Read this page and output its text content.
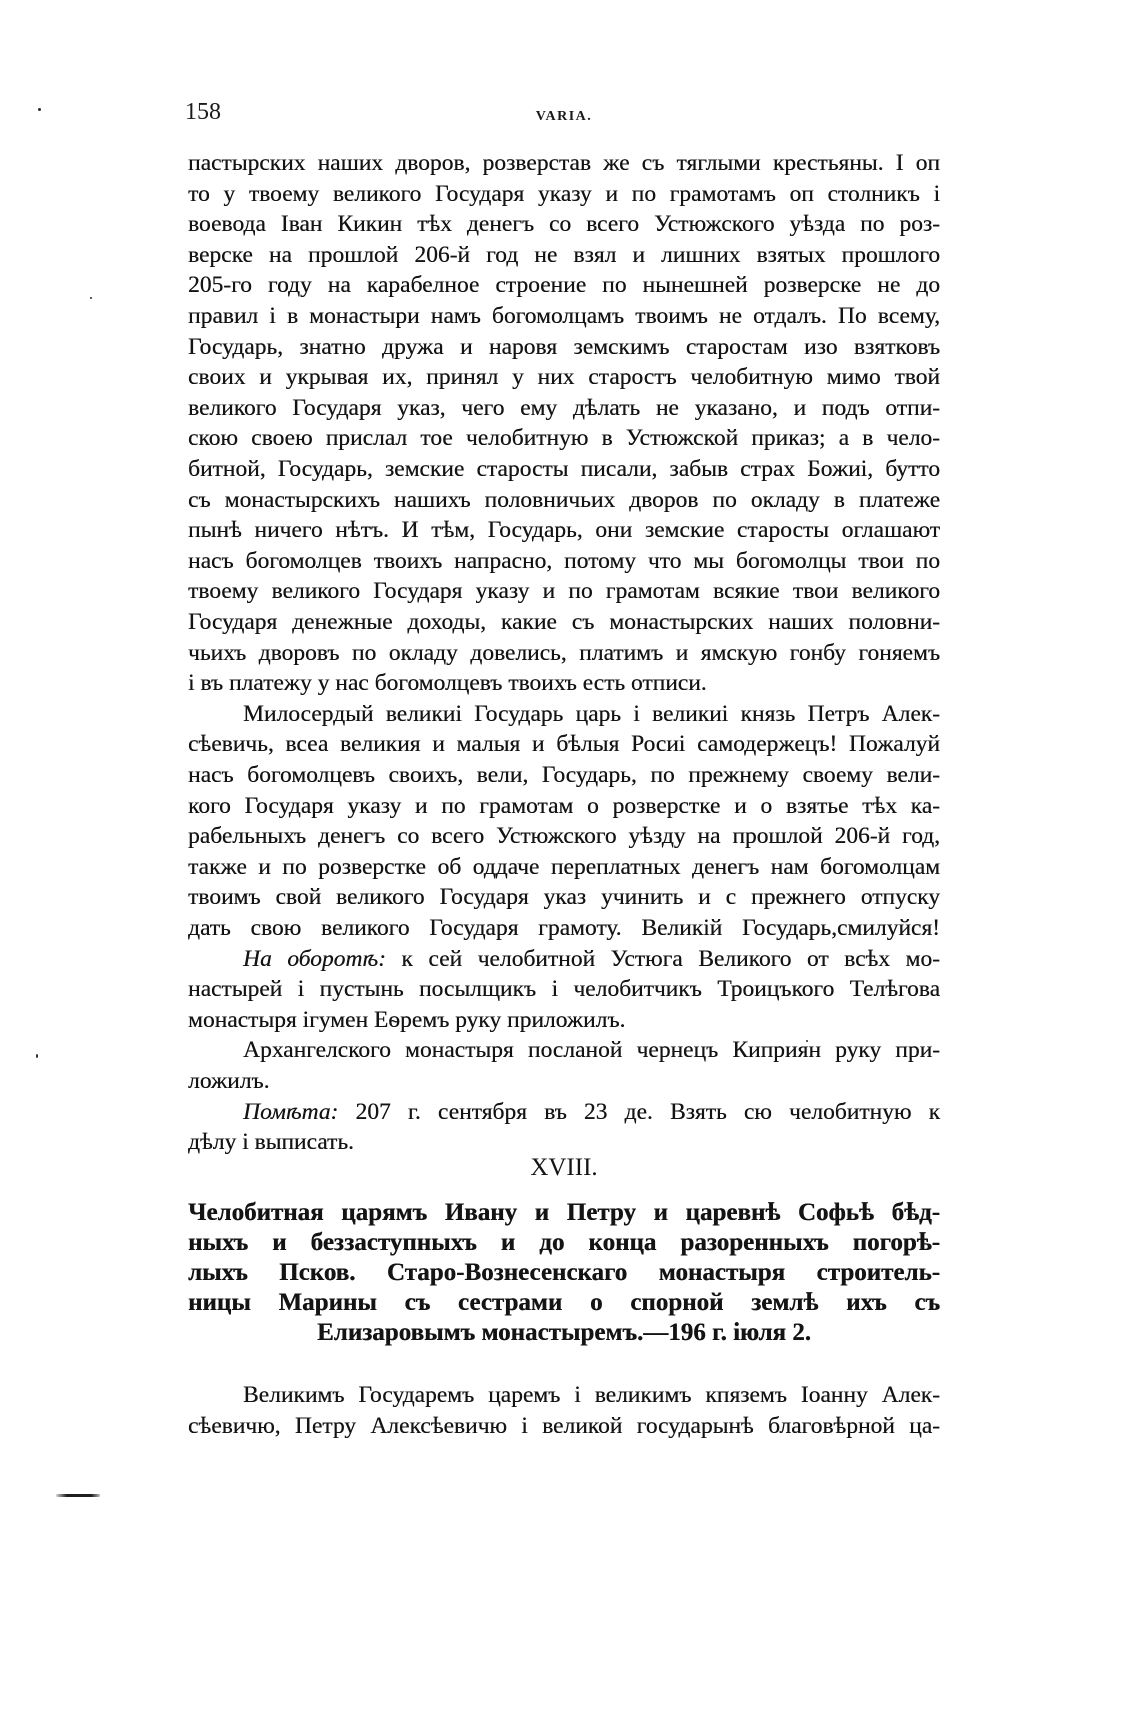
158	VARIA.
пастырских наших дворов, розверстав же съ тяглыми крестьяны. І оп
то у твоему великого Государя указу и по грамотамъ оп столникъ і
воевода Іван Кикин тѣх денегъ со всего Устюжского уѣзда по роз-
верске на прошлой 206-й год не взял и лишних взятых прошлого
205-го году на карабелное строение по нынешней розверске не до
правил і в монастыри намъ богомолцамъ твоимъ не отдалъ. По всему,
Государь, знатно дружа и наровя земскимъ старостам изо взятковъ
своих и укрывая их, принял у них старостъ челобитную мимо твой
великого Государя указ, чего ему дѣлать не указано, и подъ отпи-
скою своею прислал тое челобитную в Устюжской приказ; а в чело-
битной, Государь, земские старосты писали, забыв страх Божиі, бутто
съ монастырскихъ нашихъ половничьих дворов по окладу в платеже
пынѣ ничего нѣтъ. И тѣм, Государь, они земские старосты оглашают
насъ богомолцев твоихъ напрасно, потому что мы богомолцы твои по
твоему великого Государя указу и по грамотам всякие твои великого
Государя денежные доходы, какие съ монастырских наших половни-
чьихъ дворовъ по окладу довелись, платимъ и ямскую гонбу гоняемъ
і въ платежу у нас богомолцевъ твоихъ есть отписи.
Милосердый великиі Государь царь і великиі князь Петръ Алек-
сѣевичь, всеа великия и малыя и бѣлыя Росиі самодержецъ! Пожалуй
насъ богомолцевъ своихъ, вели, Государь, по прежнему своему вели-
кого Государя указу и по грамотам о розверстке и о взятье тѣх ка-
рабельныхъ денегъ со всего Устюжского уѣзду на прошлой 206-й год,
также и по розверстке об оддаче переплатных денегъ нам богомолцам
твоимъ свой великого Государя указ учинить и с прежнего отпуску
дать свою великого Государя грамоту. Великій Государь,смилуйся!
На оборотѣ: к сей челобитной Устюга Великого от всѣх мо-
настырей і пустынь посылщикъ і челобитчикъ Троицъкого Телѣгова
монастыря ігумен Еѳремъ руку приложилъ.
Архангелского монастыря посланой чернецъ Киприян руку при-
ложилъ.
Помѣта: 207 г. сентября въ 23 де. Взять сю челобитную к
дѣлу і выписать.
XVIII.
Челобитная царямъ Ивану и Петру и царевнѣ Софьѣ бѣд-
ныхъ и беззаступныхъ и до конца разоренныхъ погорѣ-
лыхъ Псков. Старо-Вознесенскаго монастыря строитель-
ницы Марины съ сестрами о спорной землѣ ихъ съ
Елизаровымъ монастыремъ.—196 г. іюля 2.
Великимъ Государемъ царемъ і великимъ кпяземъ Іоанну Алек-
сѣевичю, Петру Алексѣевичю і великой государынѣ благовѣрной ца-
